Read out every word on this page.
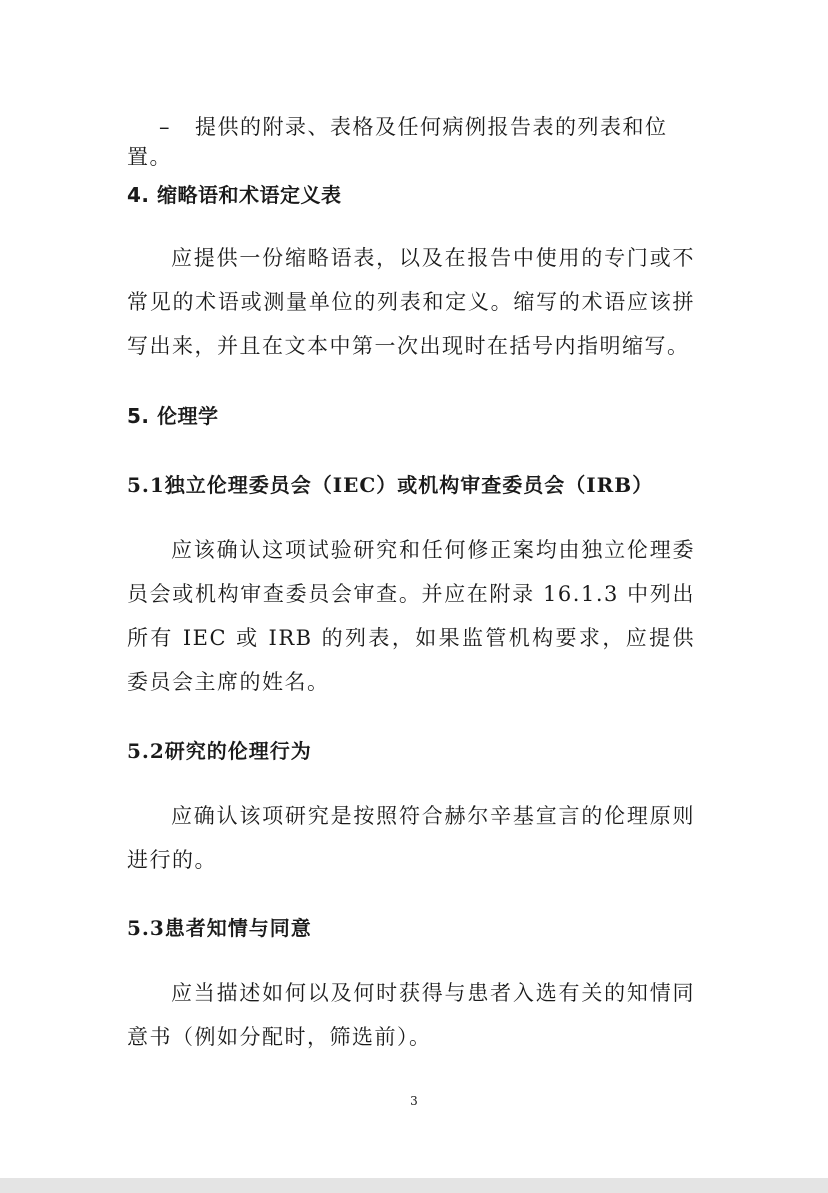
– 提供的附录、表格及任何病例报告表的列表和位置。

4. 缩略语和术语定义表

应提供一份缩略语表，以及在报告中使用的专门或不常见的术语或测量单位的列表和定义。缩写的术语应该拼写出来，并且在文本中第一次出现时在括号内指明缩写。

5. 伦理学
5.1独立伦理委员会（IEC）或机构审查委员会（IRB）

应该确认这项试验研究和任何修正案均由独立伦理委员会或机构审查委员会审查。并应在附录 16.1.3 中列出所有 IEC 或 IRB 的列表，如果监管机构要求，应提供委员会主席的姓名。

5.2研究的伦理行为

应确认该项研究是按照符合赫尔辛基宣言的伦理原则进行的。

5.3患者知情与同意

应当描述如何以及何时获得与患者入选有关的知情同意书（例如分配时，筛选前）。

3
